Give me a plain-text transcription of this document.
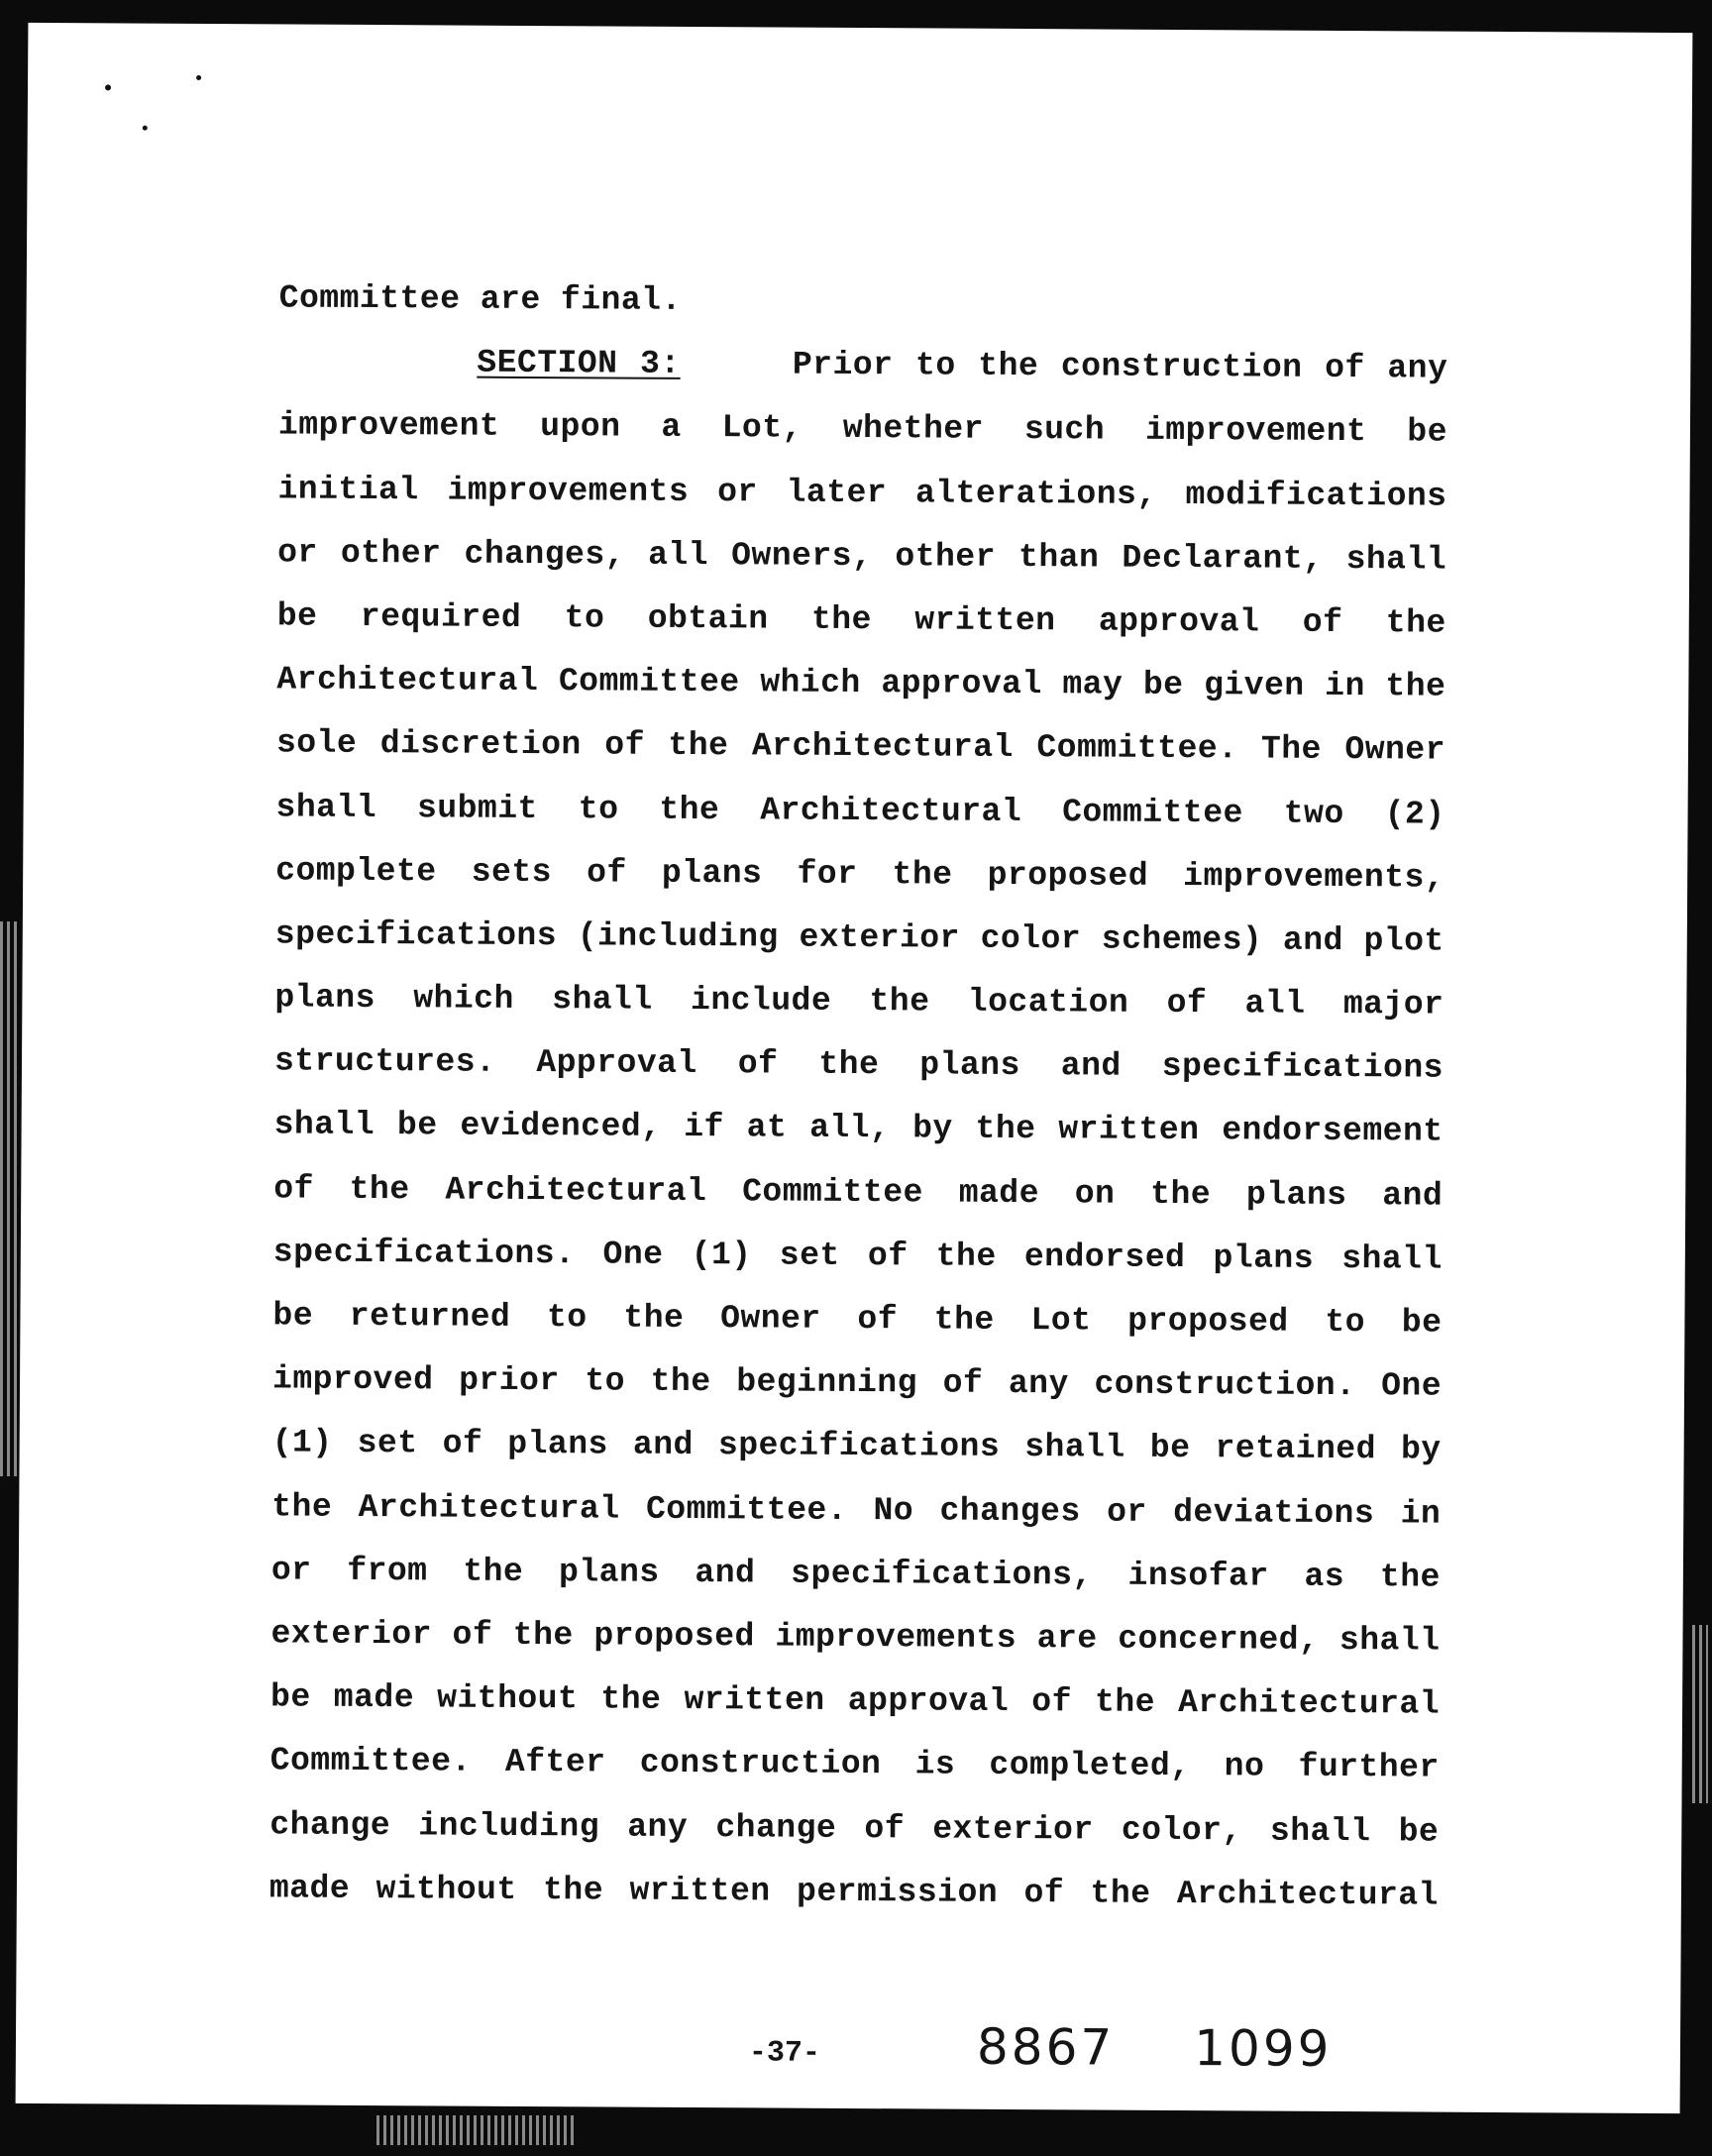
Committee are final.
SECTION 3:	Prior to the construction of any
improvement upon a Lot, whether such improvement be
initial improvements or later alterations, modifications
or other changes, all Owners, other than Declarant, shall
be required to obtain the written approval of the
Architectural Committee which approval may be given in the
sole discretion of the Architectural Committee. The Owner
shall submit to the Architectural Committee two (2)
complete sets of plans for the proposed improvements,
specifications (including exterior color schemes) and plot
plans which shall include the location of all major
structures. Approval of the plans and specifications
shall be evidenced, if at all, by the written endorsement
of the Architectural Committee made on the plans and
specifications. One (1) set of the endorsed plans shall
be returned to the Owner of the Lot proposed to be
improved prior to the beginning of any construction. One
(1) set of plans and specifications shall be retained by
the Architectural Committee. No changes or deviations in
or from the plans and specifications, insofar as the
exterior of the proposed improvements are concerned, shall
be made without the written approval of the Architectural
Committee. After construction is completed, no further
change including any change of exterior color, shall be
made without the written permission of the Architectural
-37-	8867 1099
